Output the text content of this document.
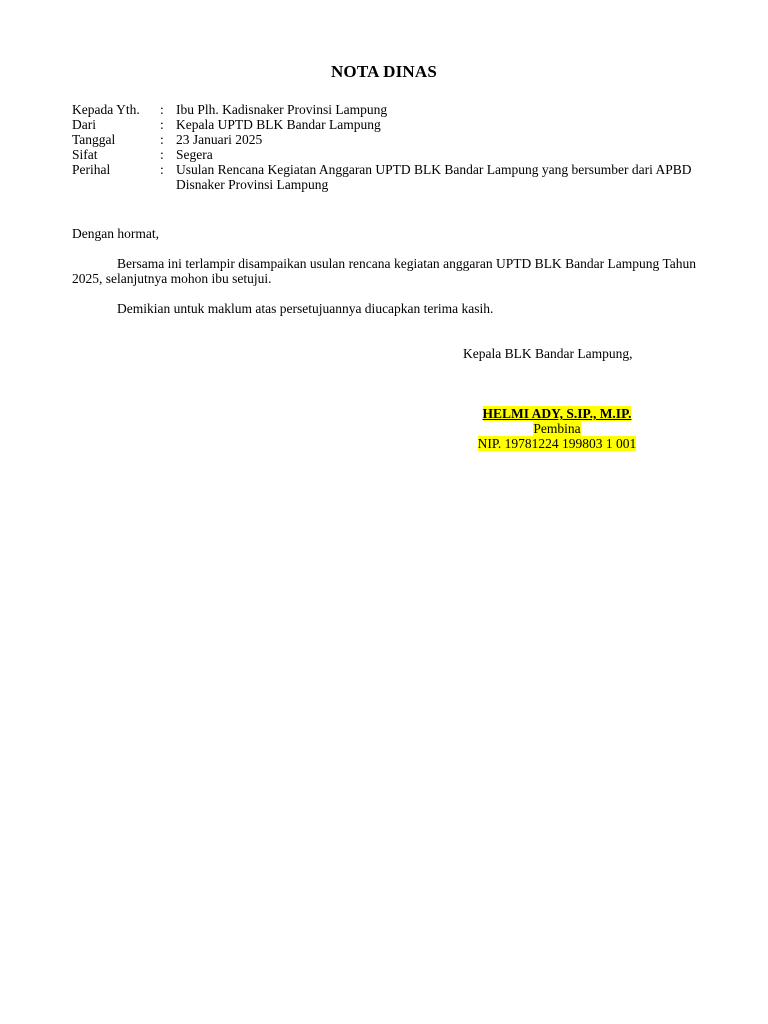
NOTA DINAS
Kepada Yth.	:	Ibu Plh. Kadisnaker Provinsi Lampung
Dari	:	Kepala UPTD BLK Bandar Lampung
Tanggal	:	23 Januari 2025
Sifat	:	Segera
Perihal	:	Usulan Rencana Kegiatan Anggaran UPTD BLK Bandar Lampung yang bersumber dari APBD Disnaker Provinsi Lampung
Dengan hormat,
Bersama ini terlampir disampaikan usulan rencana kegiatan anggaran UPTD BLK Bandar Lampung Tahun 2025, selanjutnya mohon ibu setujui.
Demikian untuk maklum atas persetujuannya diucapkan terima kasih.
Kepala BLK Bandar Lampung,
HELMI ADY, S.IP., M.IP.
Pembina
NIP. 19781224 199803 1 001
